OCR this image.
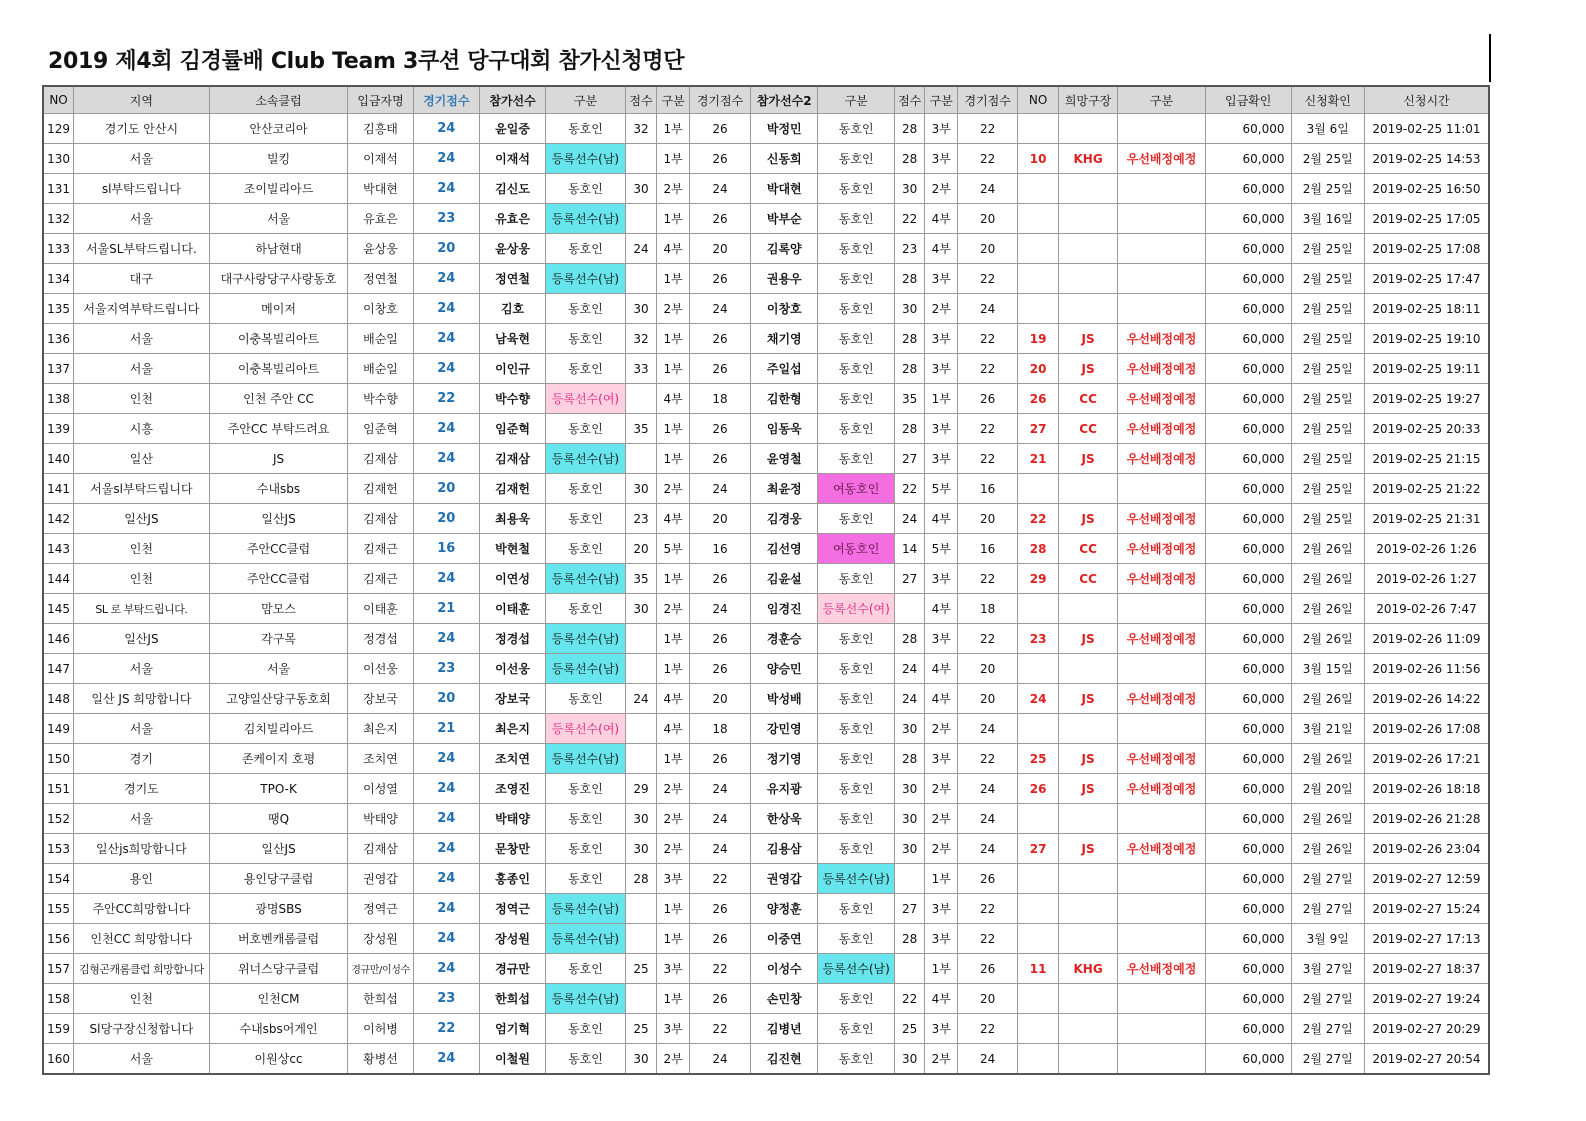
2019 제4회 김경률배 Club Team 3쿠션 당구대회 참가신청명단
NO	지역	소속클럽	입금자명	경기점수	참가선수	구분	점수	구분	경기점수	참가선수2	구분	점수	구분	경기점수	NO	희망구장	구분	입금확인	신청확인	신청시간
129	경기도 안산시	안산코리아	김흥태	24	윤일중	동호인	32	1부	26	박정민	동호인	28	3부	22				60,000	3월 6일	2019-02-25 11:01
130	서울	빌킹	이재석	24	이재석	등록선수(남)		1부	26	신동희	동호인	28	3부	22	10	KHG	우선배정예정	60,000	2월 25일	2019-02-25 14:53
131	sl부탁드립니다	조이빌리아드	박대현	24	김신도	동호인	30	2부	24	박대현	동호인	30	2부	24				60,000	2월 25일	2019-02-25 16:50
132	서울	서울	유효은	23	유효은	등록선수(남)		1부	26	박부순	동호인	22	4부	20				60,000	3월 16일	2019-02-25 17:05
133	서울SL부탁드립니다.	하남현대	윤상웅	20	윤상웅	동호인	24	4부	20	김록양	동호인	23	4부	20				60,000	2월 25일	2019-02-25 17:08
134	대구	대구사랑당구사랑동호	정연철	24	정연철	등록선수(남)		1부	26	권용우	동호인	28	3부	22				60,000	2월 25일	2019-02-25 17:47
135	서울지역부탁드립니다	메이저	이창호	24	김호	동호인	30	2부	24	이창호	동호인	30	2부	24				60,000	2월 25일	2019-02-25 18:11
136	서울	이충복빌리아트	배순일	24	남육현	동호인	32	1부	26	채기영	동호인	28	3부	22	19	JS	우선배정예정	60,000	2월 25일	2019-02-25 19:10
137	서울	이충복빌리아트	배순일	24	이인규	동호인	33	1부	26	주일섭	동호인	28	3부	22	20	JS	우선배정예정	60,000	2월 25일	2019-02-25 19:11
138	인천	인천 주안 CC	박수향	22	박수향	등록선수(여)		4부	18	김한형	동호인	35	1부	26	26	CC	우선배정예정	60,000	2월 25일	2019-02-25 19:27
139	시흥	주안CC 부탁드려요	임준혁	24	임준혁	동호인	35	1부	26	임동욱	동호인	28	3부	22	27	CC	우선배정예정	60,000	2월 25일	2019-02-25 20:33
140	일산	JS	김재삼	24	김재삼	등록선수(남)		1부	26	윤영철	동호인	27	3부	22	21	JS	우선배정예정	60,000	2월 25일	2019-02-25 21:15
141	서울sl부탁드립니다	수내sbs	김재헌	20	김재헌	동호인	30	2부	24	최윤정	여동호인	22	5부	16				60,000	2월 25일	2019-02-25 21:22
142	일산JS	일산JS	김재삼	20	최용욱	동호인	23	4부	20	김경웅	동호인	24	4부	20	22	JS	우선배정예정	60,000	2월 25일	2019-02-25 21:31
143	인천	주안CC클럽	김재근	16	박현철	동호인	20	5부	16	김선영	여동호인	14	5부	16	28	CC	우선배정예정	60,000	2월 26일	2019-02-26 1:26
144	인천	주안CC클럽	김재근	24	이연성	등록선수(남)	35	1부	26	김윤설	동호인	27	3부	22	29	CC	우선배정예정	60,000	2월 26일	2019-02-26 1:27
145	SL 로 부탁드립니다.	맘모스	이태훈	21	이태훈	동호인	30	2부	24	임경진	등록선수(여)		4부	18				60,000	2월 26일	2019-02-26 7:47
146	일산JS	각구목	정경섭	24	정경섭	등록선수(남)		1부	26	경훈승	동호인	28	3부	22	23	JS	우선배정예정	60,000	2월 26일	2019-02-26 11:09
147	서울	서울	이선웅	23	이선웅	등록선수(남)		1부	26	양승민	동호인	24	4부	20				60,000	3월 15일	2019-02-26 11:56
148	일산 JS 희망합니다	고양일산당구동호회	장보국	20	장보국	동호인	24	4부	20	박성배	동호인	24	4부	20	24	JS	우선배정예정	60,000	2월 26일	2019-02-26 14:22
149	서울	김치빌리아드	최은지	21	최은지	등록선수(여)		4부	18	강민영	동호인	30	2부	24				60,000	3월 21일	2019-02-26 17:08
150	경기	존케이지 호평	조치연	24	조치연	등록선수(남)		1부	26	정기영	동호인	28	3부	22	25	JS	우선배정예정	60,000	2월 26일	2019-02-26 17:21
151	경기도	TPO-K	이성열	24	조영진	동호인	29	2부	24	유지광	동호인	30	2부	24	26	JS	우선배정예정	60,000	2월 20일	2019-02-26 18:18
152	서울	땡Q	박태양	24	박태양	동호인	30	2부	24	한상욱	동호인	30	2부	24				60,000	2월 26일	2019-02-26 21:28
153	일산js희망합니다	일산JS	김재삼	24	문창만	동호인	30	2부	24	김용삼	동호인	30	2부	24	27	JS	우선배정예정	60,000	2월 26일	2019-02-26 23:04
154	용인	용인당구클럽	권영갑	24	홍종인	동호인	28	3부	22	권영갑	등록선수(남)		1부	26				60,000	2월 27일	2019-02-27 12:59
155	주안CC희망합니다	광명SBS	정역근	24	정역근	등록선수(남)		1부	26	양정훈	동호인	27	3부	22				60,000	2월 27일	2019-02-27 15:24
156	인천CC 희망합니다	버호벤캐롬클럽	장성원	24	장성원	등록선수(남)		1부	26	이중연	동호인	28	3부	22				60,000	3월 9일	2019-02-27 17:13
157	김형곤캐롬클럽 희망합니다	위너스당구클럽	경규만/이성수	24	경규만	동호인	25	3부	22	이성수	등록선수(남)		1부	26	11	KHG	우선배정예정	60,000	3월 27일	2019-02-27 18:37
158	인천	인천CM	한희섭	23	한희섭	등록선수(남)		1부	26	손민창	동호인	22	4부	20				60,000	2월 27일	2019-02-27 19:24
159	Sl당구장신청합니다	수내sbs어게인	이허병	22	엄기혁	동호인	25	3부	22	김병년	동호인	25	3부	22				60,000	2월 27일	2019-02-27 20:29
160	서울	이원상cc	황병선	24	이철원	동호인	30	2부	24	김진현	동호인	30	2부	24				60,000	2월 27일	2019-02-27 20:54
